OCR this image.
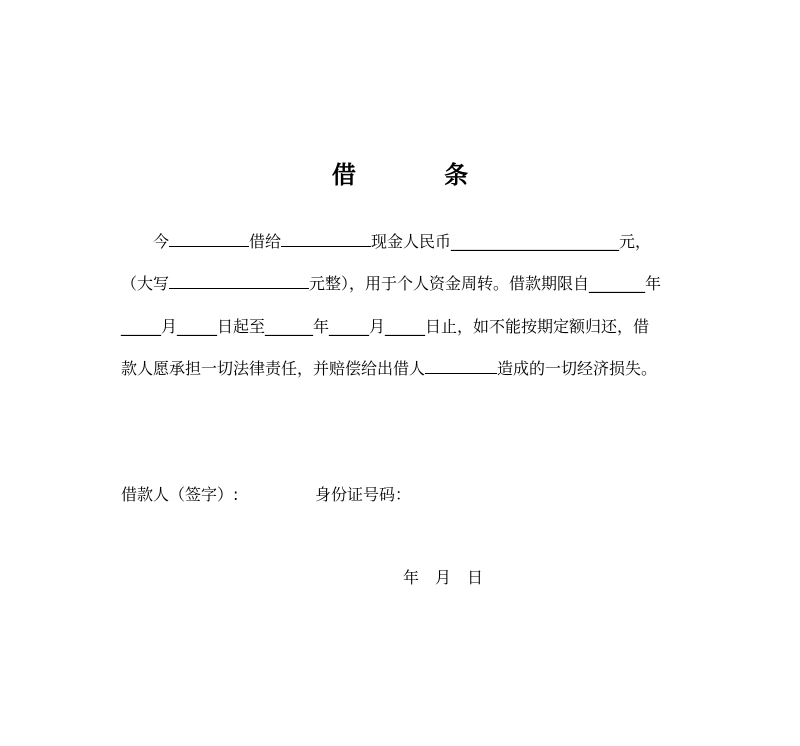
借 条
今	借给	现金人民币_____________________元，
（大写	元整），用于个人资金周转。借款期限自_______年
_____月_____日起至______年_____月_____日止，如不能按期定额归还，借
款人愿承担一切法律责任，并赔偿给出借人	造成的一切经济损失。
借款人（签字）:	身份证号码：
年 月 日
